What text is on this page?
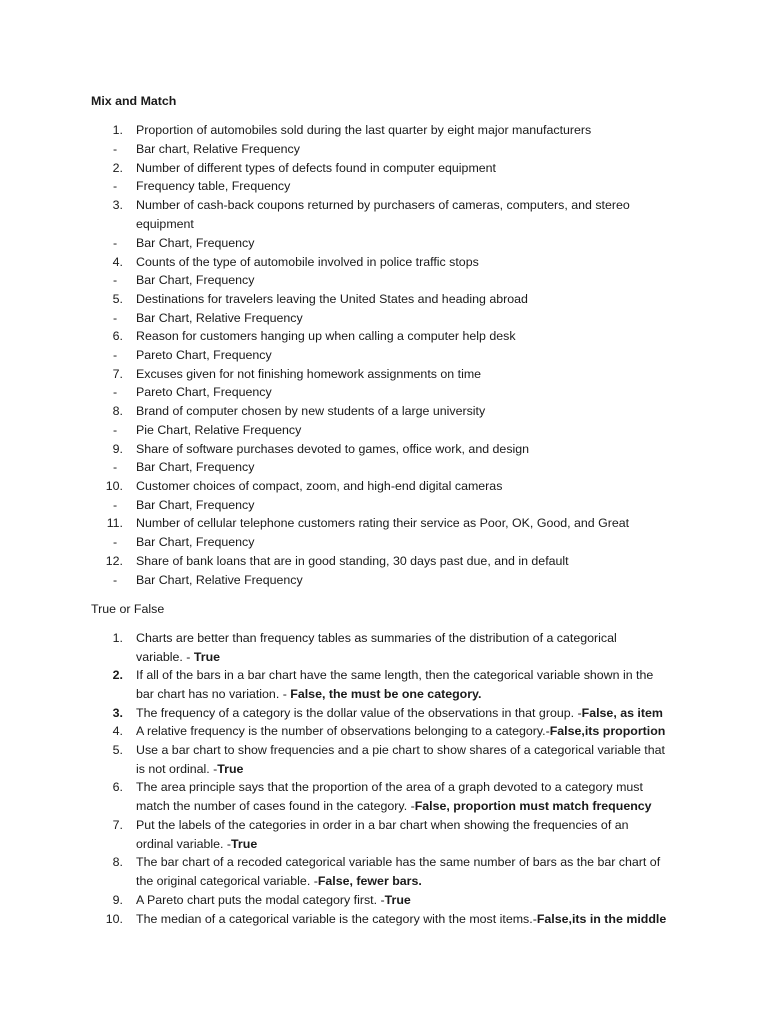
Mix and Match
1. Proportion of automobiles sold during the last quarter by eight major manufacturers
- Bar chart, Relative Frequency
2. Number of different types of defects found in computer equipment
- Frequency table, Frequency
3. Number of cash-back coupons returned by purchasers of cameras, computers, and stereo
equipment
- Bar Chart, Frequency
4. Counts of the type of automobile involved in police traffic stops
- Bar Chart, Frequency
5. Destinations for travelers leaving the United States and heading abroad
- Bar Chart, Relative Frequency
6. Reason for customers hanging up when calling a computer help desk
- Pareto Chart, Frequency
7. Excuses given for not finishing homework assignments on time
- Pareto Chart, Frequency
8. Brand of computer chosen by new students of a large university
- Pie Chart, Relative Frequency
9. Share of software purchases devoted to games, office work, and design
- Bar Chart, Frequency
10. Customer choices of compact, zoom, and high-end digital cameras
- Bar Chart, Frequency
11. Number of cellular telephone customers rating their service as Poor, OK, Good, and Great
- Bar Chart, Frequency
12. Share of bank loans that are in good standing, 30 days past due, and in default
- Bar Chart, Relative Frequency
True or False
1. Charts are better than frequency tables as summaries of the distribution of a categorical
variable. - True
2. If all of the bars in a bar chart have the same length, then the categorical variable shown in the
bar chart has no variation. - False, the must be one category.
3. The frequency of a category is the dollar value of the observations in that group. -False, as item
4. A relative frequency is the number of observations belonging to a category.-False,its proportion
5. Use a bar chart to show frequencies and a pie chart to show shares of a categorical variable that
is not ordinal. -True
6. The area principle says that the proportion of the area of a graph devoted to a category must
match the number of cases found in the category. -False, proportion must match frequency
7. Put the labels of the categories in order in a bar chart when showing the frequencies of an
ordinal variable. -True
8. The bar chart of a recoded categorical variable has the same number of bars as the bar chart of
the original categorical variable. -False, fewer bars.
9. A Pareto chart puts the modal category first. -True
10. The median of a categorical variable is the category with the most items.-False,its in the middle
